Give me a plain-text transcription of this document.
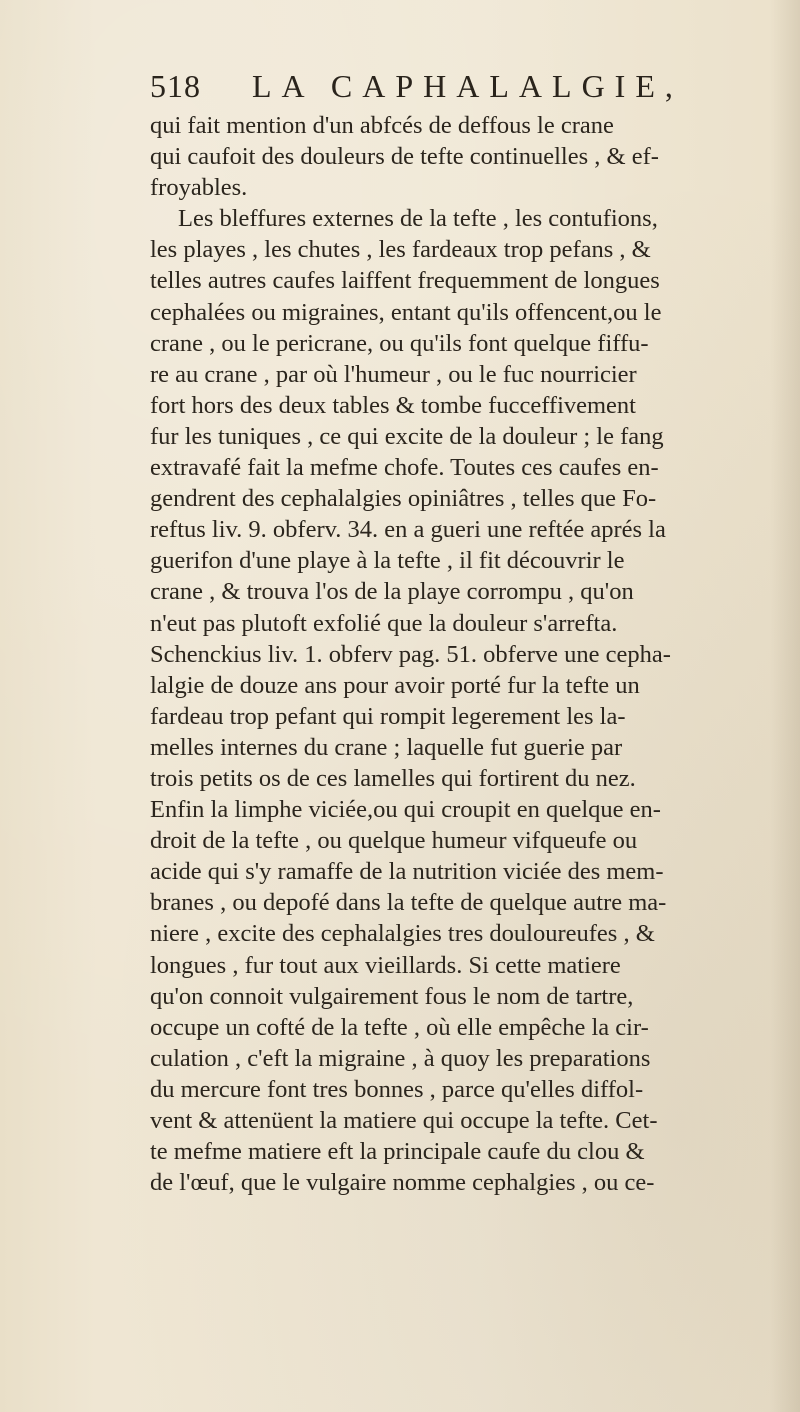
518 LA CAPHALALGIE,
qui fait mention d'un abfcés de deffous le crane
qui caufoit des douleurs de tefte continuelles , & ef-
froyables.
Les bleffures externes de la tefte , les contufions,
les playes , les chutes , les fardeaux trop pefans , &
telles autres caufes laiffent frequemment de longues
cephalées ou migraines, entant qu'ils offencent,ou le
crane , ou le pericrane, ou qu'ils font quelque fiffu-
re au crane , par où l'humeur , ou le fuc nourricier
fort hors des deux tables & tombe fucceffivement
fur les tuniques , ce qui excite de la douleur ; le fang
extravafé fait la mefme chofe. Toutes ces caufes en-
gendrent des cephalalgies opiniâtres , telles que Fo-
reftus liv. 9. obferv. 34. en a gueri une reftée aprés la
guerifon d'une playe à la tefte , il fit découvrir le
crane , & trouva l'os de la playe corrompu , qu'on
n'eut pas plutoft exfolié que la douleur s'arrefta.
Schenckius liv. 1. obferv pag. 51. obferve une cepha-
lalgie de douze ans pour avoir porté fur la tefte un
fardeau trop pefant qui rompit legerement les la-
melles internes du crane ; laquelle fut guerie par
trois petits os de ces lamelles qui fortirent du nez.
Enfin la limphe viciée,ou qui croupit en quelque en-
droit de la tefte , ou quelque humeur vifqueufe ou
acide qui s'y ramaffe de la nutrition viciée des mem-
branes , ou depofé dans la tefte de quelque autre ma-
niere , excite des cephalalgies tres douloureufes , &
longues , fur tout aux vieillards. Si cette matiere
qu'on connoit vulgairement fous le nom de tartre,
occupe un cofté de la tefte , où elle empêche la cir-
culation , c'eft la migraine , à quoy les preparations
du mercure font tres bonnes , parce qu'elles diffol-
vent & attenüent la matiere qui occupe la tefte. Cet-
te mefme matiere eft la principale caufe du clou &
de l'œuf, que le vulgaire nomme cephalgies , ou ce-
